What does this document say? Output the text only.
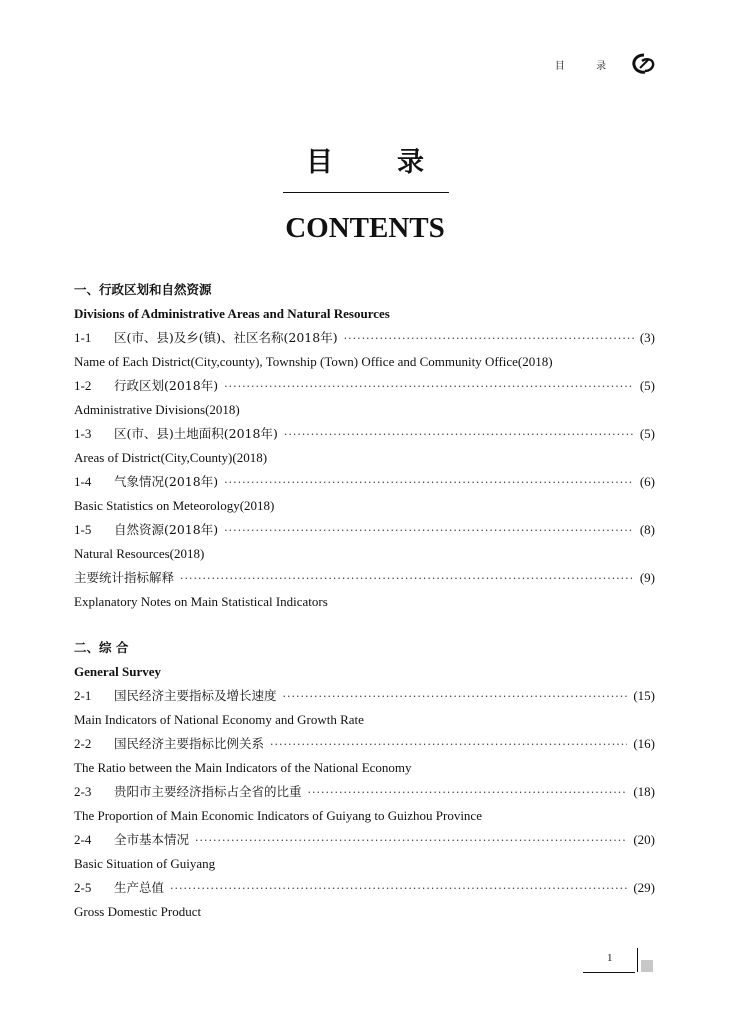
目 录
目录
CONTENTS
一、行政区划和自然资源
Divisions of Administrative Areas and Natural Resources
1-1	区(市、县)及乡(镇)、社区名称(2018年) ·····	(3)
Name of Each District(City,county), Township (Town) Office and Community Office(2018)
1-2	行政区划(2018年) ·····	(5)
Administrative Divisions(2018)
1-3	区(市、县)土地面积(2018年) ·····	(5)
Areas of District(City,County)(2018)
1-4	气象情况(2018年) ·····	(6)
Basic Statistics on Meteorology(2018)
1-5	自然资源(2018年) ·····	(8)
Natural Resources(2018)
主要统计指标解释 ·····	(9)
Explanatory Notes on Main Statistical Indicators
二、综 合
General Survey
2-1	国民经济主要指标及增长速度 ·····	(15)
Main Indicators of National Economy and Growth Rate
2-2	国民经济主要指标比例关系 ·····	(16)
The Ratio between the Main Indicators of the National Economy
2-3	贵阳市主要经济指标占全省的比重 ·····	(18)
The Proportion of Main Economic Indicators of Guiyang to Guizhou Province
2-4	全市基本情况 ·····	(20)
Basic Situation of Guiyang
2-5	生产总值 ·····	(29)
Gross Domestic Product
1
